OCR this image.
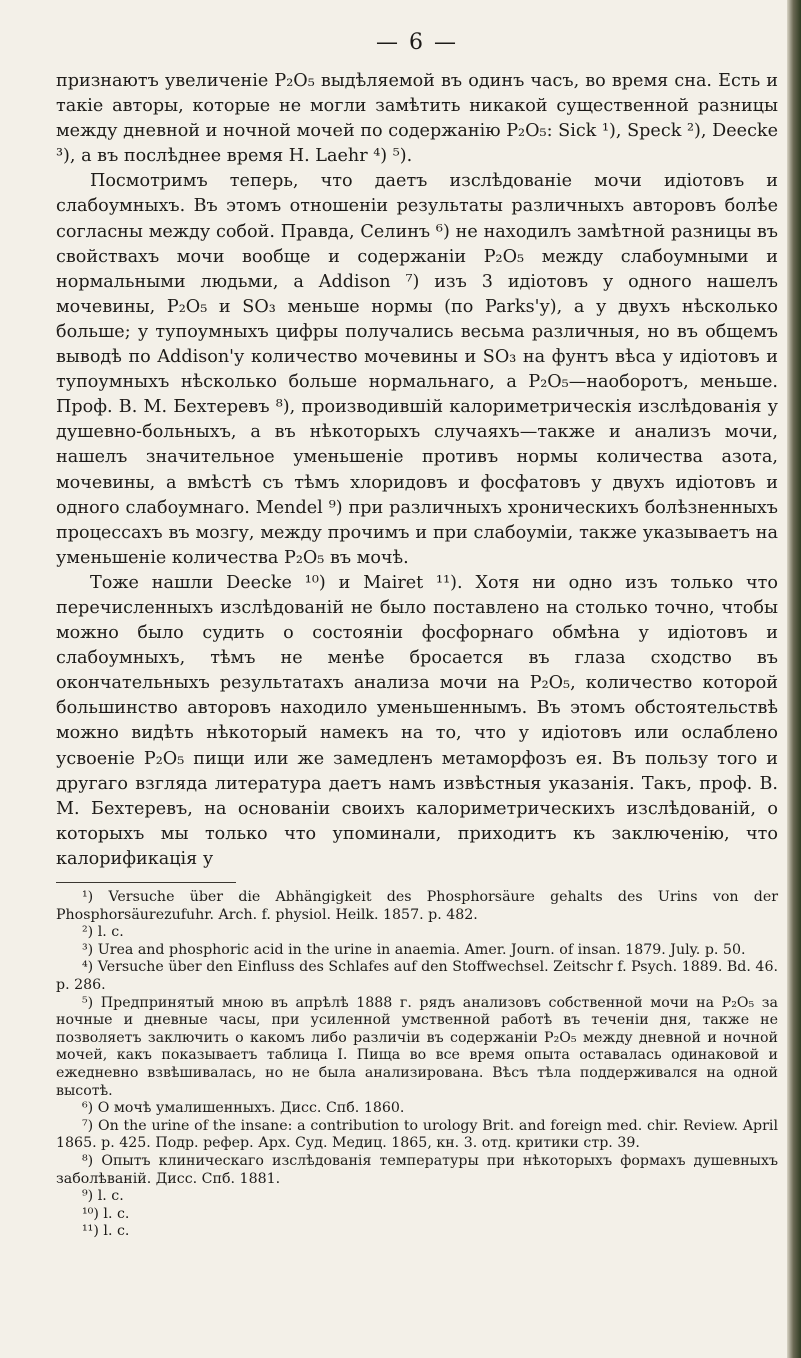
— 6 —

признаютъ увеличеніе P₂O₅ выдѣляемой въ одинъ часъ, во время сна. Есть и такіе авторы, которые не могли замѣтить никакой существенной разницы между дневной и ночной мочей по содержанію P₂O₅: Sick ¹), Speck ²), Deecke ³), а въ послѣднее время Н. Laehr ⁴) ⁵).

Посмотримъ теперь, что даетъ изслѣдованіе мочи идіотовъ и слабоумныхъ. Въ этомъ отношеніи результаты различныхъ авторовъ болѣе согласны между собой. Правда, Селинъ ⁶) не находилъ замѣтной разницы въ свойствахъ мочи вообще и содержаніи P₂O₅ между слабоумными и нормальными людьми, а Addison ⁷) изъ 3 идіотовъ у одного нашелъ мочевины, P₂O₅ и SO₃ меньше нормы (по Parks'у), а у двухъ нѣсколько больше; у тупоумныхъ цифры получались весьма различныя, но въ общемъ выводѣ по Addison'у количество мочевины и SO₃ на фунтъ вѣса у идіотовъ и тупоумныхъ нѣсколько больше нормальнаго, а P₂O₅—наоборотъ, меньше. Проф. В. М. Бехтеревъ ⁸), производившій калориметрическія изслѣдованія у душевно-больныхъ, а въ нѣкоторыхъ случаяхъ—также и анализъ мочи, нашелъ значительное уменьшеніе противъ нормы количества азота, мочевины, а вмѣстѣ съ тѣмъ хлоридовъ и фосфатовъ у двухъ идіотовъ и одного слабоумнаго. Mendel ⁹) при различныхъ хроническихъ болѣзненныхъ процессахъ въ мозгу, между прочимъ и при слабоуміи, также указываетъ на уменьшеніе количества P₂O₅ въ мочѣ.

Тоже нашли Deecke ¹⁰) и Mairet ¹¹). Хотя ни одно изъ только что перечисленныхъ изслѣдованій не было поставлено на столько точно, чтобы можно было судить о состояніи фосфорнаго обмѣна у идіотовъ и слабоумныхъ, тѣмъ не менѣе бросается въ глаза сходство въ окончательныхъ результатахъ анализа мочи на P₂O₅, количество которой большинство авторовъ находило уменьшеннымъ. Въ этомъ обстоятельствѣ можно видѣть нѣкоторый намекъ на то, что у идіотовъ или ослаблено усвоеніе P₂O₅ пищи или же замедленъ метаморфозъ ея. Въ пользу того и другаго взгляда литература даетъ намъ извѣстныя указанія. Такъ, проф. В. М. Бехтеревъ, на основаніи своихъ калориметрическихъ изслѣдованій, о которыхъ мы только что упоминали, приходитъ къ заключенію, что калорификація у

¹) Versuche über die Abhängigkeit des Phosphorsäure gehalts des Urins von der Phosphorsäurezufuhr. Arch. f. physiol. Heilk. 1857. p. 482.

²) l. c.

³) Urea and phosphoric acid in the urine in anaemia. Amer. Journ. of insan. 1879. July. p. 50.

⁴) Versuche über den Einfluss des Schlafes auf den Stoffwechsel. Zeitschr f. Psych. 1889. Bd. 46. p. 286.

⁵) Предпринятый мною въ апрѣлѣ 1888 г. рядъ анализовъ собственной мочи на P₂O₅ за ночные и дневные часы, при усиленной умственной работѣ въ теченіи дня, также не позволяетъ заключить о какомъ либо различіи въ содержаніи P₂O₅ между дневной и ночной мочей, какъ показываетъ таблица I. Пища во все время опыта оставалась одинаковой и ежедневно взвѣшивалась, но не была анализирована. Вѣсъ тѣла поддерживался на одной высотѣ.

⁶) О мочѣ умалишенныхъ. Дисс. Спб. 1860.

⁷) On the urine of the insane: a contribution to urology Brit. and foreign med. chir. Review. April 1865. p. 425. Подр. рефер. Арх. Суд. Медиц. 1865, кн. 3. отд. критики стр. 39.

⁸) Опытъ клиническаго изслѣдованія температуры при нѣкоторыхъ формахъ душевныхъ заболѣваній. Дисс. Спб. 1881.

⁹) l. c.

¹⁰) l. c.

¹¹) l. c.
